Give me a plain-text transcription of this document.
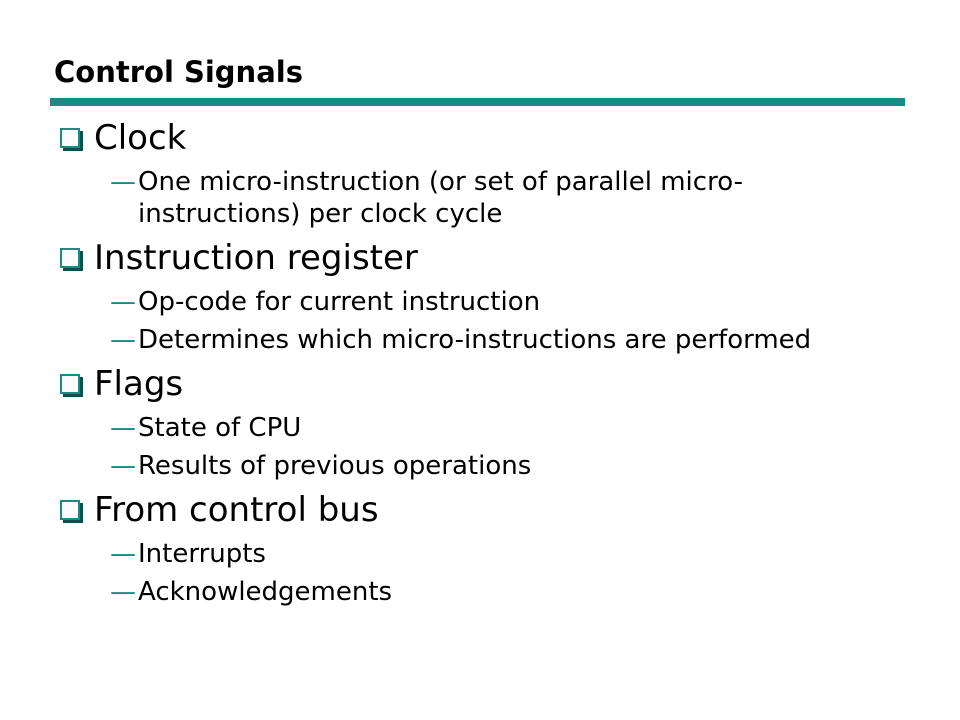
Control Signals
Clock
— One micro-instruction (or set of parallel micro-instructions) per clock cycle
Instruction register
— Op-code for current instruction
— Determines which micro-instructions are performed
Flags
— State of CPU
— Results of previous operations
From control bus
— Interrupts
— Acknowledgements
